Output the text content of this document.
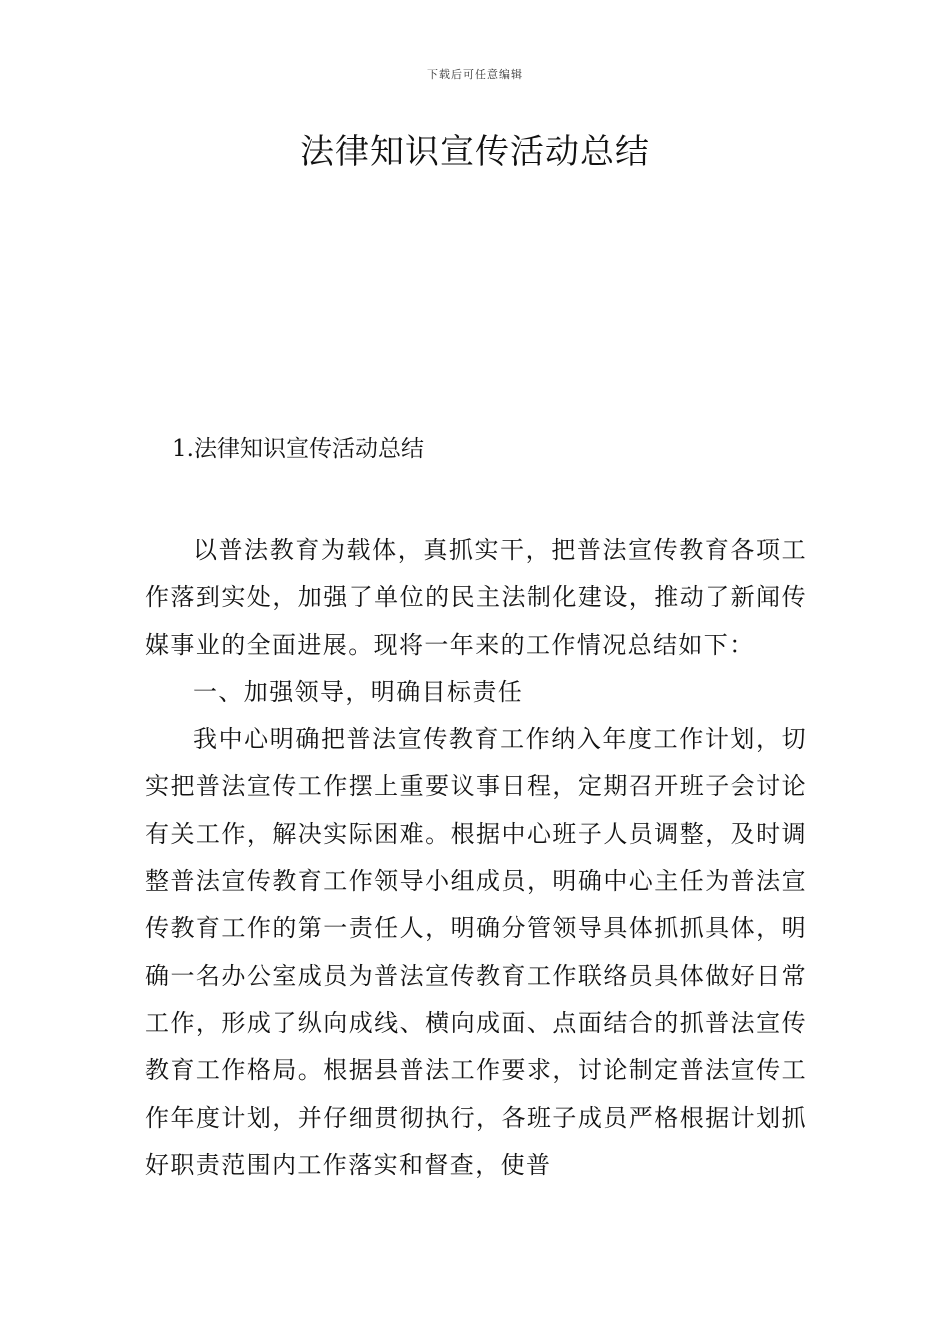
下载后可任意编辑
法律知识宣传活动总结
1.法律知识宣传活动总结

以普法教育为载体，真抓实干，把普法宣传教育各项工作落到实处，加强了单位的民主法制化建设，推动了新闻传媒事业的全面进展。现将一年来的工作情况总结如下：

一、加强领导，明确目标责任

我中心明确把普法宣传教育工作纳入年度工作计划，切实把普法宣传工作摆上重要议事日程，定期召开班子会讨论有关工作，解决实际困难。根据中心班子人员调整，及时调整普法宣传教育工作领导小组成员，明确中心主任为普法宣传教育工作的第一责任人，明确分管领导具体抓抓具体，明确一名办公室成员为普法宣传教育工作联络员具体做好日常工作，形成了纵向成线、横向成面、点面结合的抓普法宣传教育工作格局。根据县普法工作要求，讨论制定普法宣传工作年度计划，并仔细贯彻执行，各班子成员严格根据计划抓好职责范围内工作落实和督查，使普
